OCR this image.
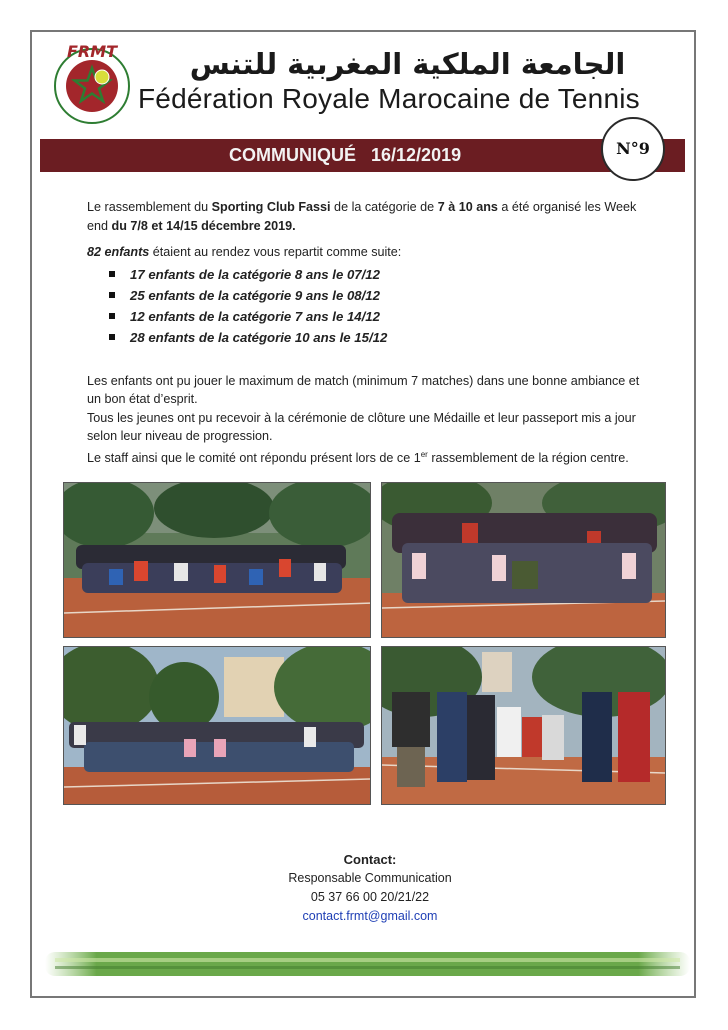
FRMT	الجامعة الملكية المغربية للتنس
Fédération Royale Marocaine de Tennis
COMMUNIQUÉ 16/12/2019	N°9

Le rassemblement du Sporting Club Fassi de la catégorie de 7 à 10 ans a été organisé les Week end du 7/8 et 14/15 décembre 2019.

82 enfants étaient au rendez vous repartit comme suite:

17 enfants de la catégorie 8 ans le 07/12
25 enfants de la catégorie 9 ans le 08/12
12 enfants de la catégorie 7 ans le 14/12
28 enfants de la catégorie 10 ans le 15/12

Les enfants ont pu jouer le maximum de match (minimum 7 matches) dans une bonne ambiance et un bon état d’esprit.

Tous les jeunes ont pu recevoir à la cérémonie de clôture une Médaille et leur passeport mis a jour selon leur niveau de progression.

Le staff ainsi que le comité ont répondu présent lors de ce 1er rassemblement de la région centre.

Contact:
Responsable Communication
05 37 66 00 20/21/22
contact.frmt@gmail.com
